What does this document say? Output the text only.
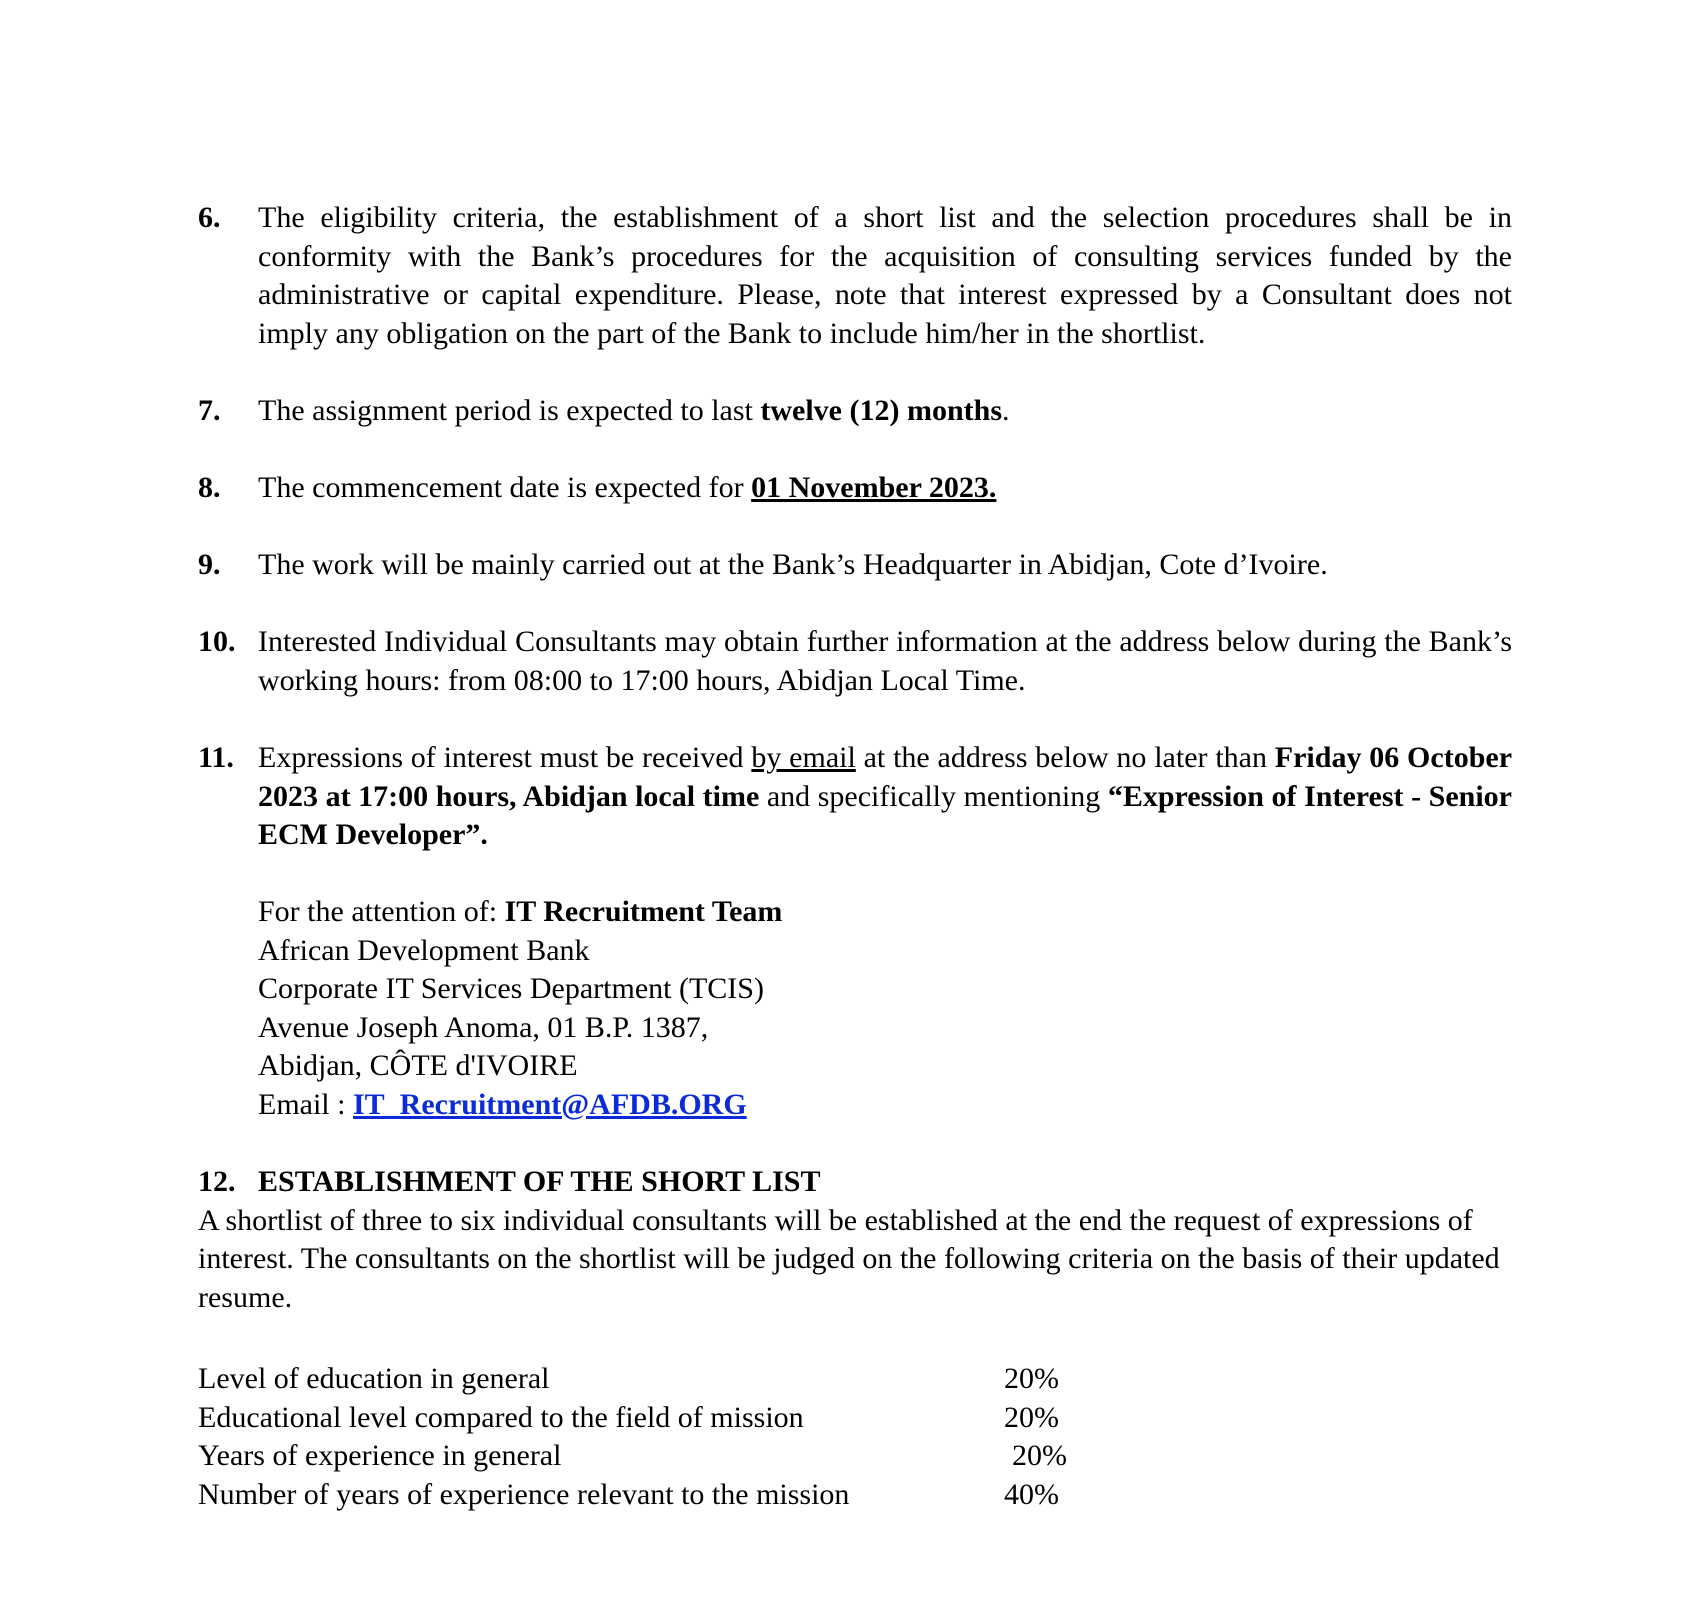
6. The eligibility criteria, the establishment of a short list and the selection procedures shall be in conformity with the Bank’s procedures for the acquisition of consulting services funded by the administrative or capital expenditure. Please, note that interest expressed by a Consultant does not imply any obligation on the part of the Bank to include him/her in the shortlist.
7. The assignment period is expected to last twelve (12) months.
8. The commencement date is expected for 01 November 2023.
9. The work will be mainly carried out at the Bank’s Headquarter in Abidjan, Cote d’Ivoire.
10. Interested Individual Consultants may obtain further information at the address below during the Bank’s working hours: from 08:00 to 17:00 hours, Abidjan Local Time.
11. Expressions of interest must be received by email at the address below no later than Friday 06 October 2023 at 17:00 hours, Abidjan local time and specifically mentioning “Expression of Interest - Senior ECM Developer”.
For the attention of: IT Recruitment Team
African Development Bank
Corporate IT Services Department (TCIS)
Avenue Joseph Anoma, 01 B.P. 1387,
Abidjan, CÔTE d'IVOIRE
Email : IT_Recruitment@AFDB.ORG
12. ESTABLISHMENT OF THE SHORT LIST
A shortlist of three to six individual consultants will be established at the end the request of expressions of interest. The consultants on the shortlist will be judged on the following criteria on the basis of their updated resume.
Level of education in general	20%
Educational level compared to the field of mission	20%
Years of experience in general	20%
Number of years of experience relevant to the mission	40%
